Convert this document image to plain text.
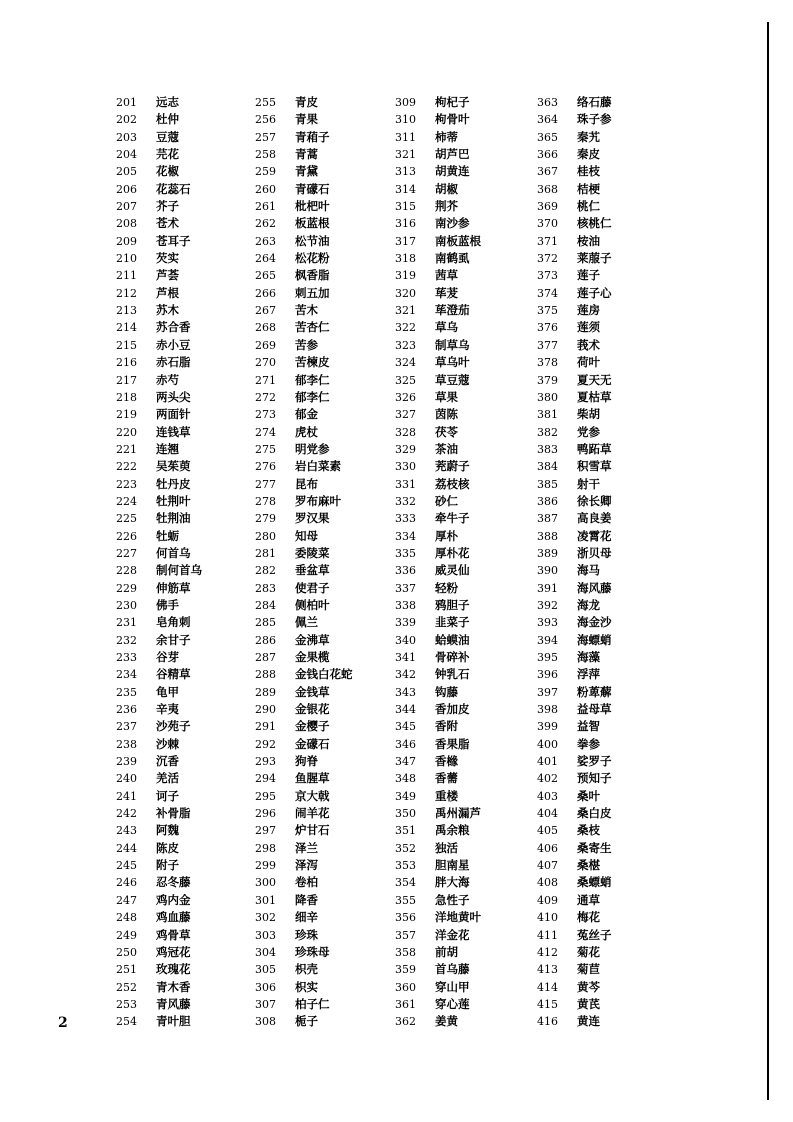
201 远志
202 杜仲
203 豆蔻
204 芫花
205 花椒
206 花蕊石
207 芥子
208 苍术
209 苍耳子
210 芡实
211 芦荟
212 芦根
213 苏木
214 苏合香
215 赤小豆
216 赤石脂
217 赤芍
218 两头尖
219 两面针
220 连钱草
221 连翘
222 吴茱萸
223 牡丹皮
224 牡荆叶
225 牡荆油
226 牡蛎
227 何首乌
228 制何首乌
229 伸筋草
230 佛手
231 皂角刺
232 余甘子
233 谷芽
234 谷精草
235 龟甲
236 辛夷
237 沙苑子
238 沙棘
239 沉香
240 羌活
241 诃子
242 补骨脂
243 阿魏
244 陈皮
245 附子
246 忍冬藤
247 鸡内金
248 鸡血藤
249 鸡骨草
250 鸡冠花
251 玫瑰花
252 青木香
253 青风藤
254 青叶胆
255 青皮
256 青果
257 青葙子
258 青蒿
259 青黛
260 青礞石
261 枇杷叶
262 板蓝根
263 松节油
264 松花粉
265 枫香脂
266 刺五加
267 苦木
268 苦杏仁
269 苦参
270 苦楝皮
271 郁李仁
272 郁李仁
273 郁金
274 虎杖
275 明党参
276 岩白菜素
277 昆布
278 罗布麻叶
279 罗汉果
280 知母
281 委陵菜
282 垂盆草
283 使君子
284 侧柏叶
285 佩兰
286 金沸草
287 金果榄
288 金钱白花蛇
289 金钱草
290 金银花
291 金樱子
292 金礞石
293 狗脊
294 鱼腥草
295 京大戟
296 闹羊花
297 炉甘石
298 泽兰
299 泽泻
300 卷柏
301 降香
302 细辛
303 珍珠
304 珍珠母
305 枳壳
306 枳实
307 柏子仁
308 栀子
309 枸杞子
310 枸骨叶
311 柿蒂
321 胡芦巴
313 胡黄连
314 胡椒
315 荆芥
316 南沙参
317 南板蓝根
318 南鹤虱
319 茜草
320 荜茇
321 荜澄茄
322 草乌
323 制草乌
324 草乌叶
325 草豆蔻
326 草果
327 茵陈
328 茯苓
329 茶油
330 茺蔚子
331 荔枝核
332 砂仁
333 牵牛子
334 厚朴
335 厚朴花
336 威灵仙
337 轻粉
338 鸦胆子
339 韭菜子
340 蛤蟆油
341 骨碎补
342 钟乳石
343 钩藤
344 香加皮
345 香附
346 香果脂
347 香橼
348 香薷
349 重楼
350 禹州漏芦
351 禹余粮
352 独活
353 胆南星
354 胖大海
355 急性子
356 洋地黄叶
357 洋金花
358 前胡
359 首乌藤
360 穿山甲
361 穿心莲
362 姜黄
363 络石藤
364 珠子参
365 秦艽
366 秦皮
367 桂枝
368 桔梗
369 桃仁
370 核桃仁
371 桉油
372 莱菔子
373 莲子
374 莲子心
375 莲房
376 莲须
377 莪术
378 荷叶
379 夏天无
380 夏枯草
381 柴胡
382 党参
383 鸭跖草
384 积雪草
385 射干
386 徐长卿
387 高良姜
388 凌霄花
389 浙贝母
390 海马
391 海风藤
392 海龙
393 海金沙
394 海螵蛸
395 海藻
396 浮萍
397 粉萆薢
398 益母草
399 益智
400 拳参
401 娑罗子
402 预知子
403 桑叶
404 桑白皮
405 桑枝
406 桑寄生
407 桑椹
408 桑螵蛸
409 通草
410 梅花
411 菟丝子
412 菊花
413 菊苣
414 黄芩
415 黄芪
416 黄连
2
